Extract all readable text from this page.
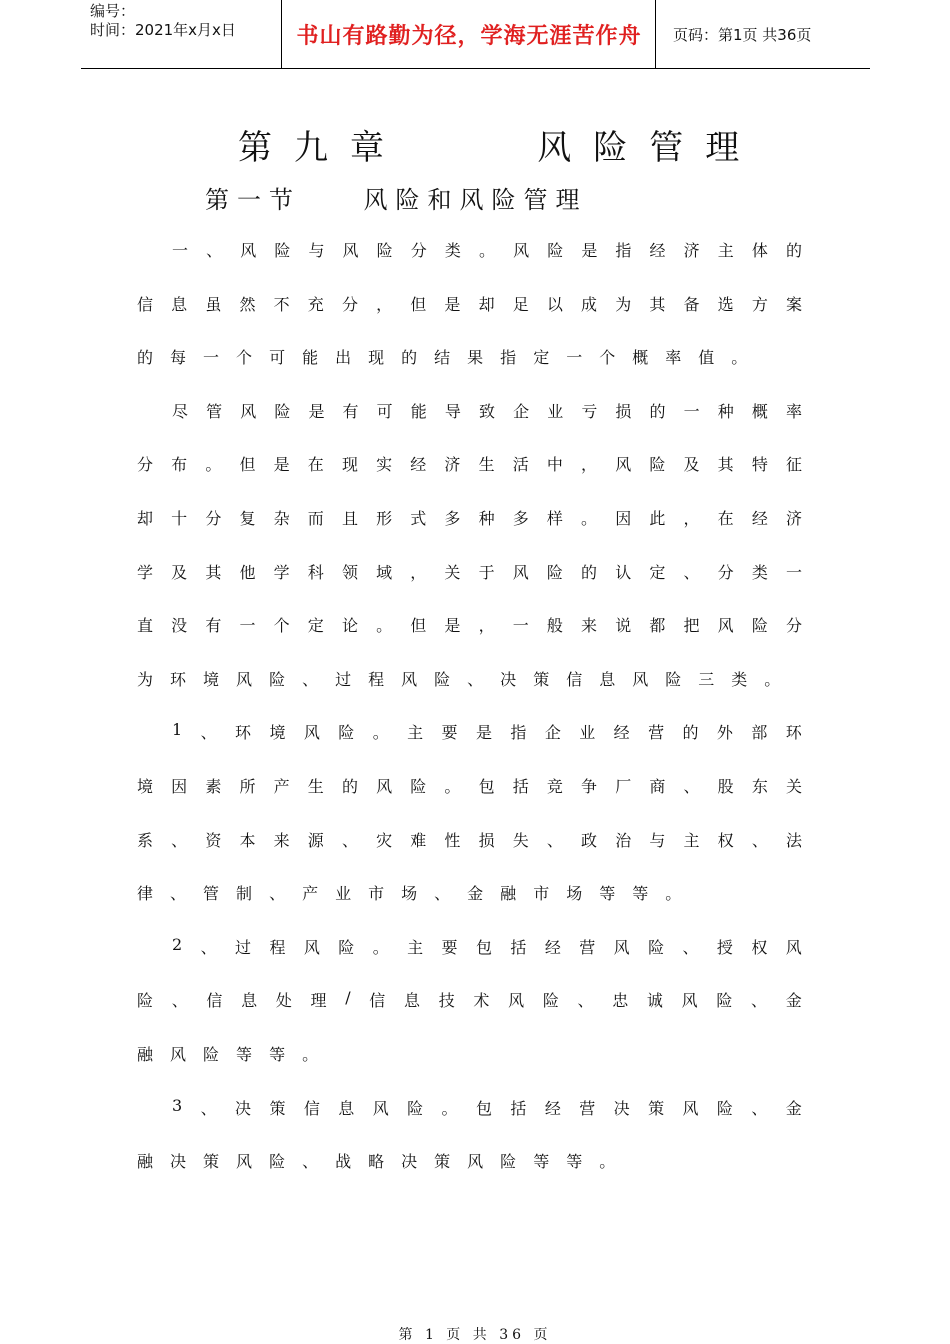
编号：
时间：2021年x月x日	书山有路勤为径，学海无涯苦作舟	页码：第1页 共36页
第九章    风险管理
第一节    风险和风险管理
一 、 风 险 与 风 险 分 类 。 风 险 是 指 经 济 主 体 的
信 息 虽 然 不 充 分 ， 但 是 却 足 以 成 为 其 备 选 方 案
的 每 一 个 可 能 出 现 的 结 果 指 定 一 个 概 率 值 。
尽 管 风 险 是 有 可 能 导 致 企 业 亏 损 的 一 种 概 率
分 布 。 但 是 在 现 实 经 济 生 活 中 ， 风 险 及 其 特 征
却 十 分 复 杂 而 且 形 式 多 种 多 样 。 因 此 ， 在 经 济
学 及 其 他 学 科 领 域 ， 关 于 风 险 的 认 定 、 分 类 一
直 没 有 一 个 定 论 。 但 是 ， 一 般 来 说 都 把 风 险 分
为 环 境 风 险 、 过 程 风 险 、 决 策 信 息 风 险 三 类 。
1 、 环 境 风 险 。 主 要 是 指 企 业 经 营 的 外 部 环
境 因 素 所 产 生 的 风 险 。 包 括 竞 争 厂 商 、 股 东 关
系 、 资 本 来 源 、 灾 难 性 损 失 、 政 治 与 主 权 、 法
律 、 管 制 、 产 业 市 场 、 金 融 市 场 等 等 。
2 、 过 程 风 险 。 主 要 包 括 经 营 风 险 、 授 权 风
险 、 信 息 处 理 / 信 息 技 术 风 险 、 忠 诚 风 险 、 金
融 风 险 等 等 。
3 、 决 策 信 息 风 险 。 包 括 经 营 决 策 风 险 、 金
融 决 策 风 险 、 战 略 决 策 风 险 等 等 。
第 1 页 共 36 页
